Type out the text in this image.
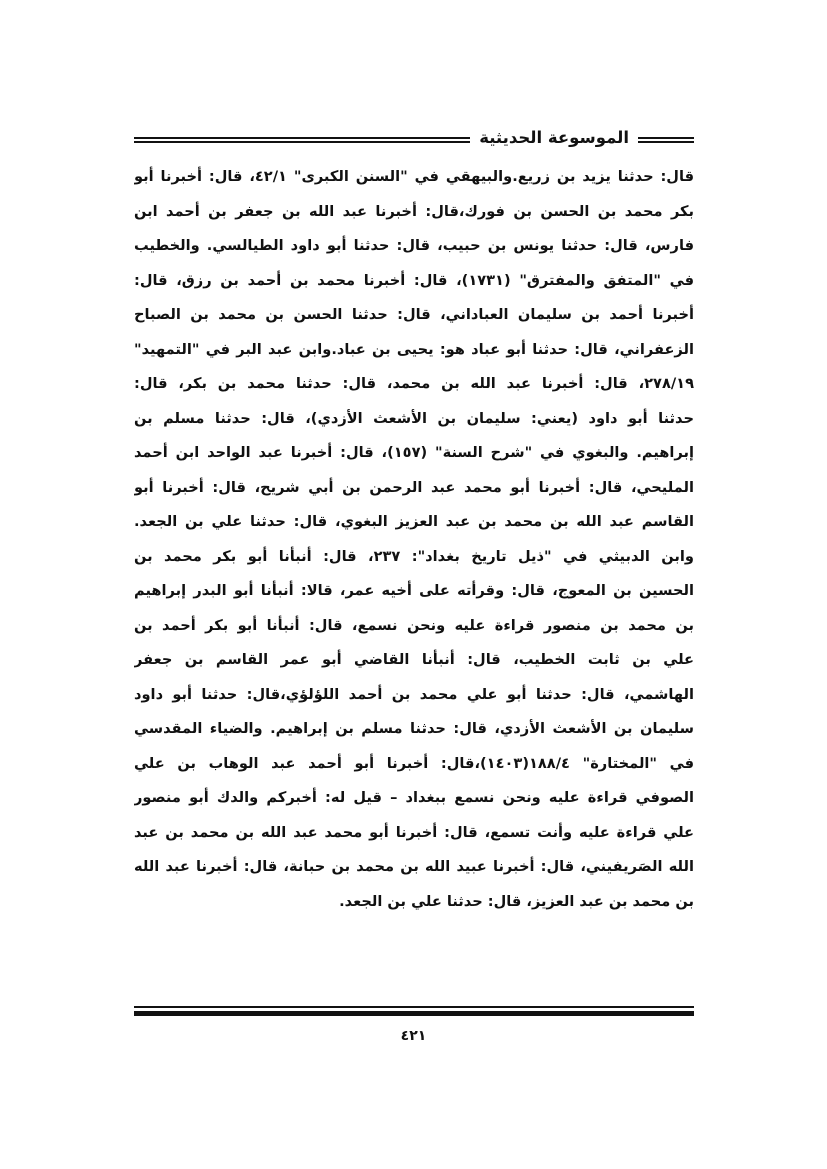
الموسوعة الحديثية
قال: حدثنا يزيد بن زريع.والبيهقي في "السنن الكبرى" ٤٢/١، قال: أخبرنا أبو
بكر محمد بن الحسن بن فورك،قال: أخبرنا عبد الله بن جعفر بن أحمد ابن
فارس، قال: حدثنا يونس بن حبيب، قال: حدثنا أبو داود الطيالسي. والخطيب
في "المتفق والمفترق" (١٧٣١)، قال: أخبرنا محمد بن أحمد بن رزق، قال:
أخبرنا أحمد بن سليمان العباداني، قال: حدثنا الحسن بن محمد بن الصباح
الزعفراني، قال: حدثنا أبو عباد هو: يحيى بن عباد.وابن عبد البر في "التمهيد"
٢٧٨/١٩، قال: أخبرنا عبد الله بن محمد، قال: حدثنا محمد بن بكر، قال:
حدثنا أبو داود (يعني: سليمان بن الأشعث الأزدي)، قال: حدثنا مسلم بن
إبراهيم. والبغوي في "شرح السنة" (١٥٧)، قال: أخبرنا عبد الواحد ابن أحمد
المليحي، قال: أخبرنا أبو محمد عبد الرحمن بن أبي شريح، قال: أخبرنا أبو
القاسم عبد الله بن محمد بن عبد العزيز البغوي، قال: حدثنا علي بن الجعد.
وابن الدبيثي في "ذيل تاريخ بغداد": ٢٣٧، قال: أنبأنا أبو بكر محمد بن
الحسين بن المعوج، قال: وقرأته على أخيه عمر، قالا: أنبأنا أبو البدر إبراهيم
بن محمد بن منصور قراءة عليه ونحن نسمع، قال: أنبأنا أبو بكر أحمد بن
علي بن ثابت الخطيب، قال: أنبأنا القاضي أبو عمر القاسم بن جعفر
الهاشمي، قال: حدثنا أبو علي محمد بن أحمد اللؤلؤي،قال: حدثنا أبو داود
سليمان بن الأشعث الأزدي، قال: حدثنا مسلم بن إبراهيم. والضياء المقدسي
في "المختارة" ١٨٨/٤(١٤٠٣)،قال: أخبرنا أبو أحمد عبد الوهاب بن علي
الصوفي قراءة عليه ونحن نسمع ببغداد – قيل له: أخبركم والدك أبو منصور
علي قراءة عليه وأنت تسمع، قال: أخبرنا أبو محمد عبد الله بن محمد بن عبد
الله الصَريفيني، قال: أخبرنا عبيد الله بن محمد بن حبانة، قال: أخبرنا عبد الله
بن محمد بن عبد العزيز، قال: حدثنا علي بن الجعد.
٤٢١
